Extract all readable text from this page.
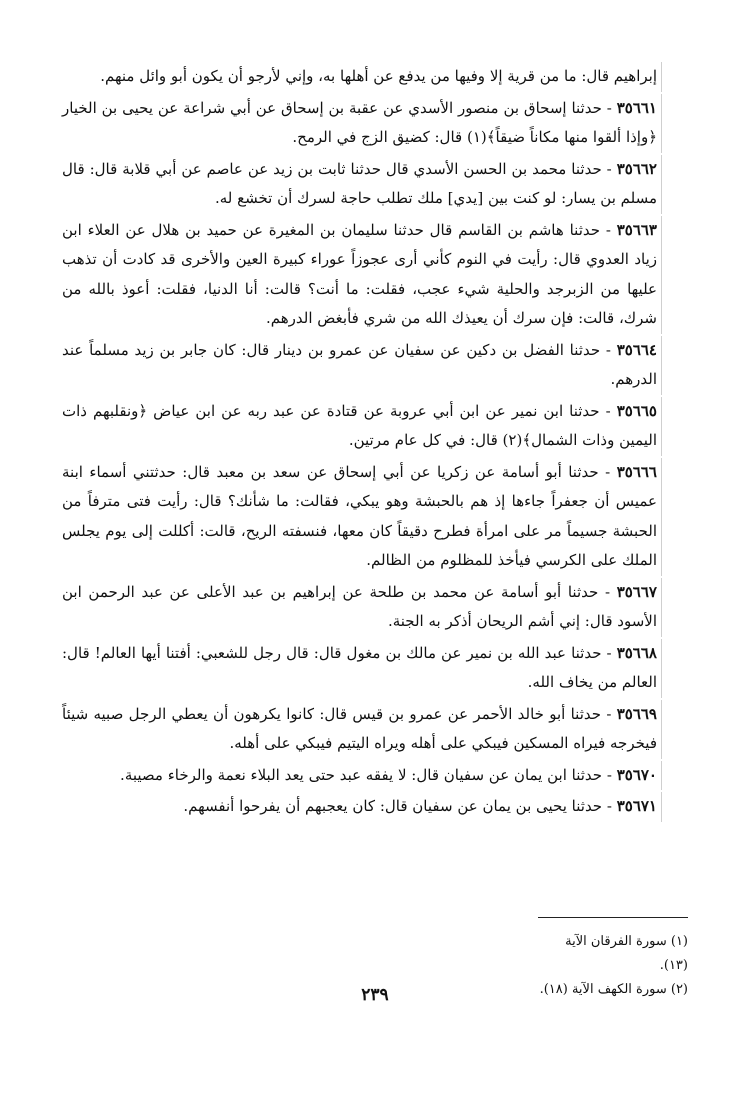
إبراهيم قال: ما من قرية إلا وفيها من يدفع عن أهلها به، وإني لأرجو أن يكون أبو وائل منهم.

٣٥٦٦١ - حدثنا إسحاق بن منصور الأسدي عن عقبة بن إسحاق عن أبي شراعة عن يحيى بن الخيار ﴿وإذا ألقوا منها مكاناً ضيقاً﴾(١) قال: كضيق الزج في الرمح.

٣٥٦٦٢ - حدثنا محمد بن الحسن الأسدي قال حدثنا ثابت بن زيد عن عاصم عن أبي قلابة قال: قال مسلم بن يسار: لو كنت بين [يدي] ملك تطلب حاجة لسرك أن تخشع له.

٣٥٦٦٣ - حدثنا هاشم بن القاسم قال حدثنا سليمان بن المغيرة عن حميد بن هلال عن العلاء ابن زياد العدوي قال: رأيت في النوم كأني أرى عجوزاً عوراء كبيرة العين والأخرى قد كادت أن تذهب عليها من الزبرجد والحلية شيء عجب، فقلت: ما أنت؟ قالت: أنا الدنيا، فقلت: أعوذ بالله من شرك، قالت: فإن سرك أن يعيذك الله من شري فأبغض الدرهم.

٣٥٦٦٤ - حدثنا الفضل بن دكين عن سفيان عن عمرو بن دينار قال: كان جابر بن زيد مسلماً عند الدرهم.

٣٥٦٦٥ - حدثنا ابن نمير عن ابن أبي عروبة عن قتادة عن عبد ربه عن ابن عياض ﴿ونقلبهم ذات اليمين وذات الشمال﴾(٢) قال: في كل عام مرتين.

٣٥٦٦٦ - حدثنا أبو أسامة عن زكريا عن أبي إسحاق عن سعد بن معبد قال: حدثتني أسماء ابنة عميس أن جعفراً جاءها إذ هم بالحبشة وهو يبكي، فقالت: ما شأنك؟ قال: رأيت فتى مترفاً من الحبشة جسيماً مر على امرأة فطرح دقيقاً كان معها، فنسفته الريح، قالت: أكللت إلى يوم يجلس الملك على الكرسي فيأخذ للمظلوم من الظالم.

٣٥٦٦٧ - حدثنا أبو أسامة عن محمد بن طلحة عن إبراهيم بن عبد الأعلى عن عبد الرحمن ابن الأسود قال: إني أشم الريحان أذكر به الجنة.

٣٥٦٦٨ - حدثنا عبد الله بن نمير عن مالك بن مغول قال: قال رجل للشعبي: أفتنا أيها العالم! قال: العالم من يخاف الله.

٣٥٦٦٩ - حدثنا أبو خالد الأحمر عن عمرو بن قيس قال: كانوا يكرهون أن يعطي الرجل صبيه شيئاً فيخرجه فيراه المسكين فيبكي على أهله ويراه اليتيم فيبكي على أهله.

٣٥٦٧٠ - حدثنا ابن يمان عن سفيان قال: لا يفقه عبد حتى يعد البلاء نعمة والرخاء مصيبة.

٣٥٦٧١ - حدثنا يحيى بن يمان عن سفيان قال: كان يعجبهم أن يفرحوا أنفسهم.

(١) سورة الفرقان الآية (١٣).

(٢) سورة الكهف الآية (١٨).

٢٣٩
